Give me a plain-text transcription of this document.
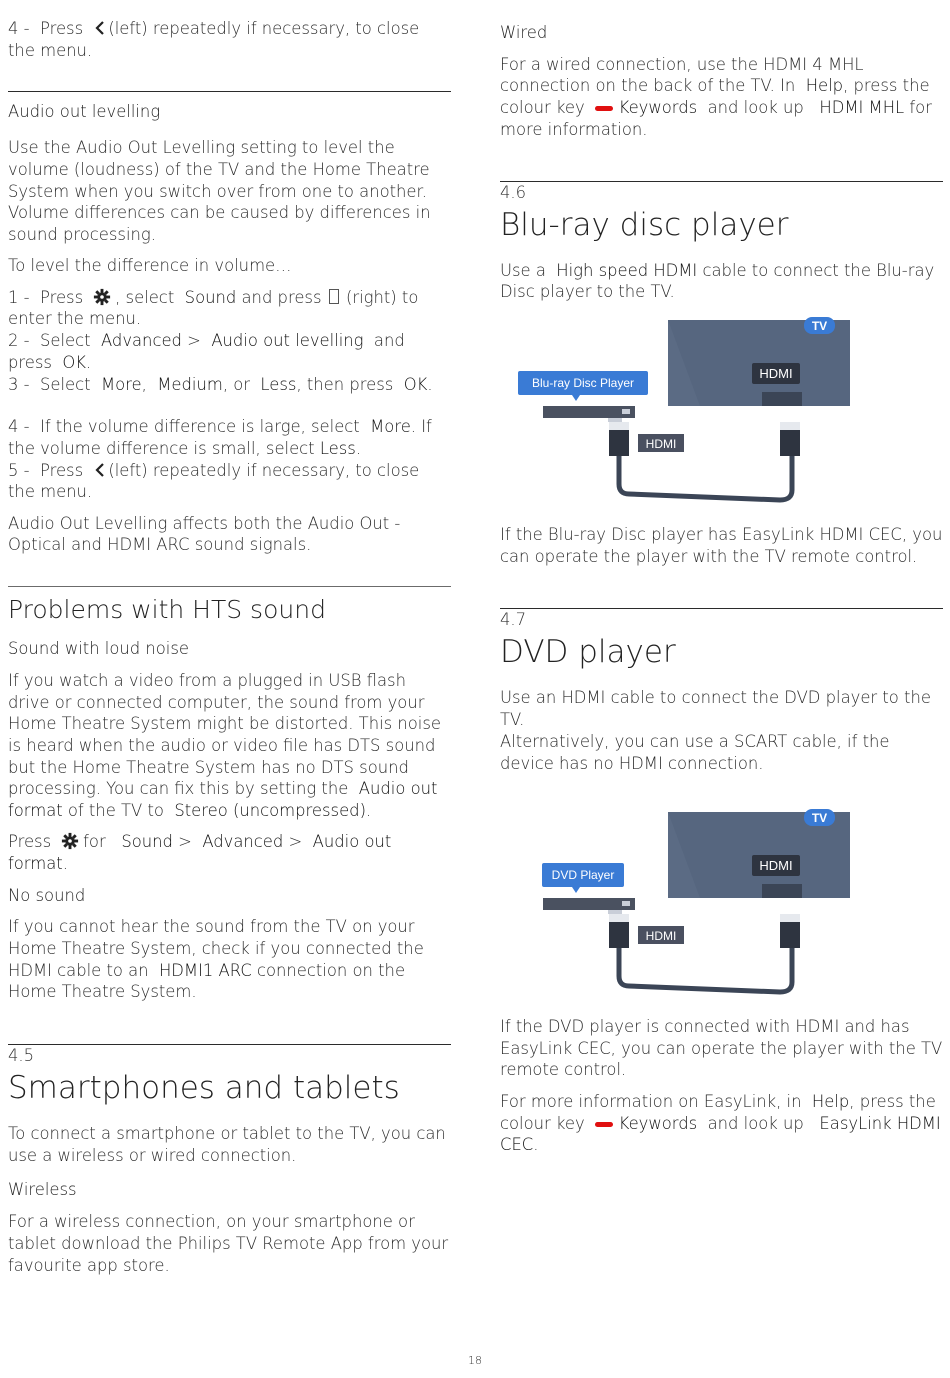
4 - Press (left) repeatedly if necessary, to close the menu.

Audio out levelling

Use the Audio Out Levelling setting to level the volume (loudness) of the TV and the Home Theatre System when you switch over from one to another. Volume differences can be caused by differences in sound processing.

To level the difference in volume…

1 - Press , select Sound and press (right) to enter the menu.

2 - Select Advanced > Audio out levelling and press OK.

3 - Select More, Medium, or Less, then press OK.

4 - If the volume difference is large, select More. If the volume difference is small, select Less.

5 - Press (left) repeatedly if necessary, to close the menu.

Audio Out Levelling affects both the Audio Out - Optical and HDMI ARC sound signals.

Problems with HTS sound

Sound with loud noise

If you watch a video from a plugged in USB flash drive or connected computer, the sound from your Home Theatre System might be distorted. This noise is heard when the audio or video file has DTS sound but the Home Theatre System has no DTS sound processing. You can fix this by setting the Audio out format of the TV to Stereo (uncompressed).

Press for Sound > Advanced > Audio out format.

No sound

If you cannot hear the sound from the TV on your Home Theatre System, check if you connected the HDMI cable to an HDMI1 ARC connection on the Home Theatre System.

4.5

Smartphones and tablets

To connect a smartphone or tablet to the TV, you can use a wireless or wired connection.

Wireless

For a wireless connection, on your smartphone or tablet download the Philips TV Remote App from your favourite app store.

Wired

For a wired connection, use the HDMI 4 MHL connection on the back of the TV. In Help, press the colour key Keywords and look up HDMI MHL for more information.

4.6

Blu-ray disc player

Use a High speed HDMI cable to connect the Blu-ray Disc player to the TV.

HDMI
TV
Blu-ray Disc Player
HDMI

If the Blu-ray Disc player has EasyLink HDMI CEC, you can operate the player with the TV remote control.

4.7

DVD player

Use an HDMI cable to connect the DVD player to the TV.

Alternatively, you can use a SCART cable, if the device has no HDMI connection.

HDMI
TV
DVD Player
HDMI

If the DVD player is connected with HDMI and has EasyLink CEC, you can operate the player with the TV remote control.

For more information on EasyLink, in Help, press the colour key Keywords and look up EasyLink HDMI CEC.

18
